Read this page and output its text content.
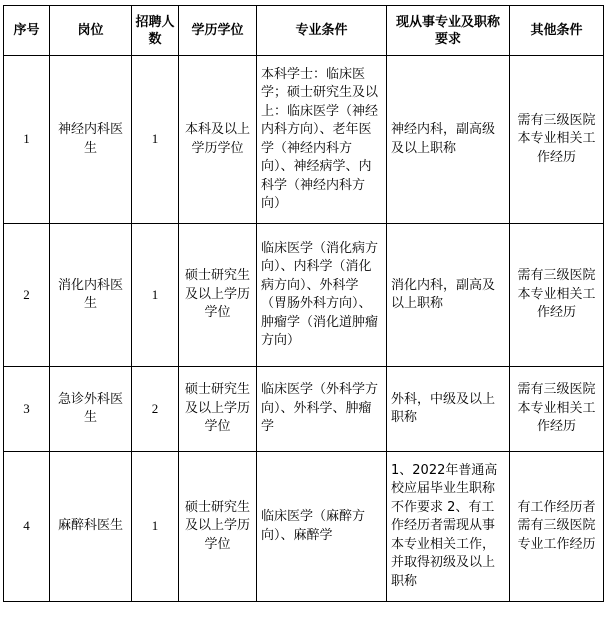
序号	岗位	招聘人数	学历学位	专业条件	现从事专业及职称要求	其他条件
1	神经内科医生	1	本科及以上学历学位	本科学士：临床医学；硕士研究生及以上：临床医学（神经内科方向）、老年医学（神经内科方向）、神经病学、内科学（神经内科方向）	神经内科，副高级及以上职称	需有三级医院本专业相关工作经历
2	消化内科医生	1	硕士研究生及以上学历学位	临床医学（消化病方向）、内科学（消化病方向）、外科学（胃肠外科方向）、肿瘤学（消化道肿瘤方向）	消化内科，副高及以上职称	需有三级医院本专业相关工作经历
3	急诊外科医生	2	硕士研究生及以上学历学位	临床医学（外科学方向）、外科学、肿瘤学	外科，中级及以上职称	需有三级医院本专业相关工作经历
4	麻醉科医生	1	硕士研究生及以上学历学位	临床医学（麻醉方向）、麻醉学	1、2022年普通高校应届毕业生职称不作要求 2、有工作经历者需现从事本专业相关工作，并取得初级及以上职称	有工作经历者需有三级医院专业工作经历
